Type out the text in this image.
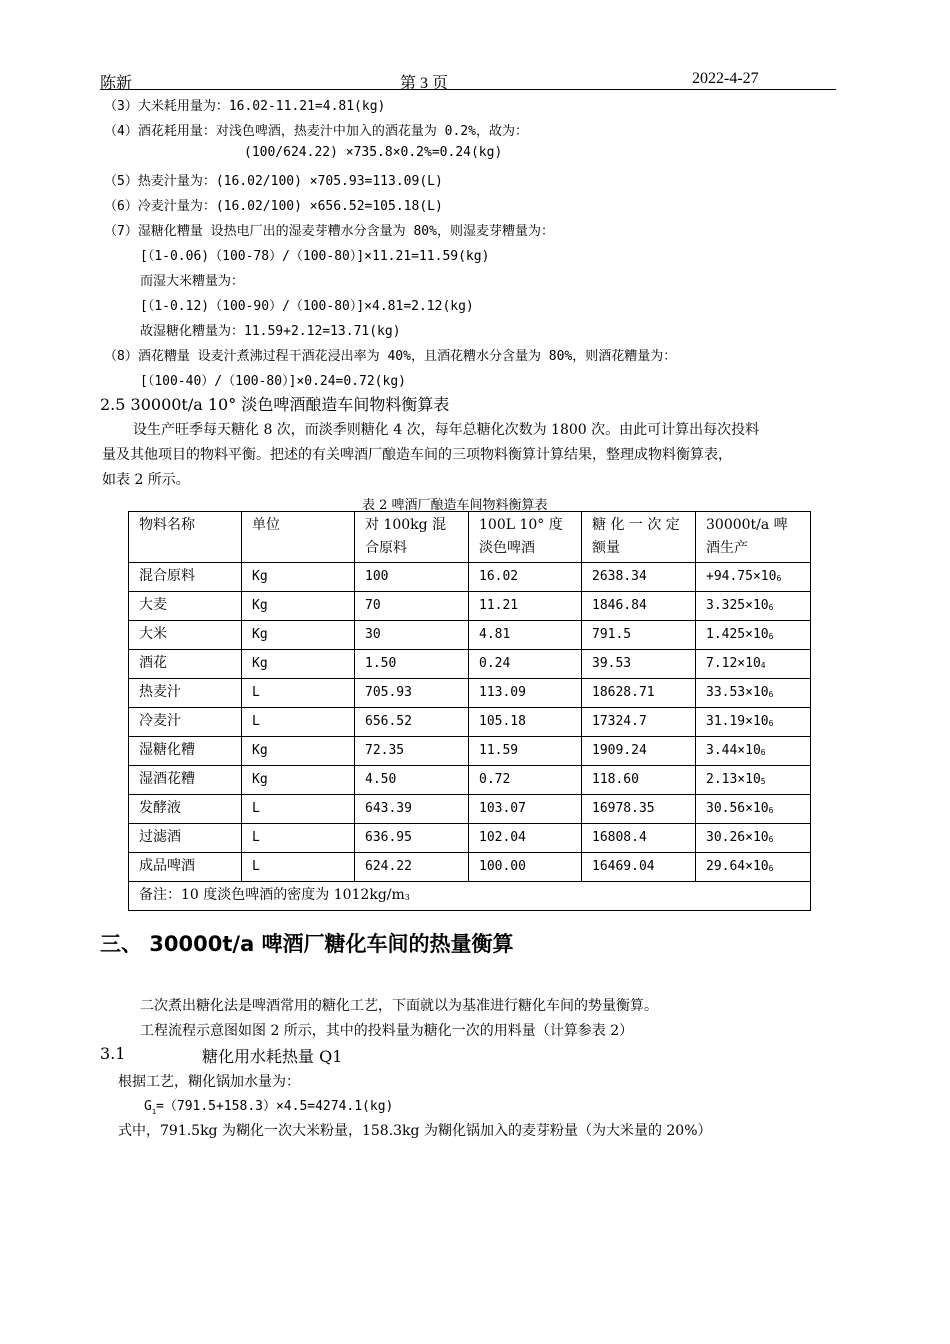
陈新	第 3 页	2022-4-27
（3）大米耗用量为：16.02-11.21=4.81(kg)
（4）酒花耗用量：对浅色啤酒，热麦汁中加入的酒花量为 0.2%，故为：
(100/624.22) ×735.8×0.2%=0.24(kg)
（5）热麦汁量为：(16.02/100) ×705.93=113.09(L)
（6）冷麦汁量为：(16.02/100) ×656.52=105.18(L)
（7）湿糖化糟量 设热电厂出的湿麦芽糟水分含量为 80%，则湿麦芽糟量为：
[（1-0.06)（100-78）/（100-80）]×11.21=11.59(kg)
而湿大米糟量为：
[（1-0.12)（100-90）/（100-80）]×4.81=2.12(kg)
故湿糖化糟量为：11.59+2.12=13.71(kg)
（8）酒花糟量 设麦汁煮沸过程干酒花浸出率为 40%，且酒花糟水分含量为 80%，则酒花糟量为：
[（100-40）/（100-80）]×0.24=0.72(kg)
2.5 30000t/a 10° 淡色啤酒酿造车间物料衡算表
设生产旺季每天糖化 8 次，而淡季则糖化 4 次，每年总糖化次数为 1800 次。由此可计算出每次投料
量及其他项目的物料平衡。把述的有关啤酒厂酿造车间的三项物料衡算计算结果，整理成物料衡算表，
如表 2 所示。
表 2 啤酒厂酿造车间物料衡算表
物料名称	单位	对 100kg 混
合原料	100L 10° 度
淡色啤酒	糖 化 一 次 定
额量	30000t/a 啤
酒生产
混合原料	Kg	100	16.02	2638.34	$+94.75\times 10^6$
大麦	Kg	70	11.21	1846.84	$3.325\times 10^6$
大米	Kg	30	4.81	791.5	$1.425\times 10^6$
酒花	Kg	1.50	0.24	39.53	$7.12\times 10^4$
热麦汁	L	705.93	113.09	18628.71	$33.53\times 10^6$
冷麦汁	L	656.52	105.18	17324.7	$31.19\times 10^6$
湿糖化糟	Kg	72.35	11.59	1909.24	$3.44\times 10^6$
湿酒花糟	Kg	4.50	0.72	118.60	$2.13\times 10^5$
发酵液	L	643.39	103.07	16978.35	$30.56\times 10^6$
过滤酒	L	636.95	102.04	16808.4	$30.26\times 10^6$
成品啤酒	L	624.22	100.00	16469.04	$29.64\times 10^6$
备注：10 度淡色啤酒的密度为 $1012kg/m^3$
三、 30000t/a 啤酒厂糖化车间的热量衡算
二次煮出糖化法是啤酒常用的糖化工艺，下面就以为基准进行糖化车间的势量衡算。
工程流程示意图如图 2 所示，其中的投料量为糖化一次的用料量（计算参表 2）
3.1	糖化用水耗热量 Q1
根据工艺，糊化锅加水量为：
$G_1=(791.5+158.3)\times 4.5=4274.1(kg)$
式中，791.5kg 为糊化一次大米粉量，158.3kg 为糊化锅加入的麦芽粉量（为大米量的 20%）
